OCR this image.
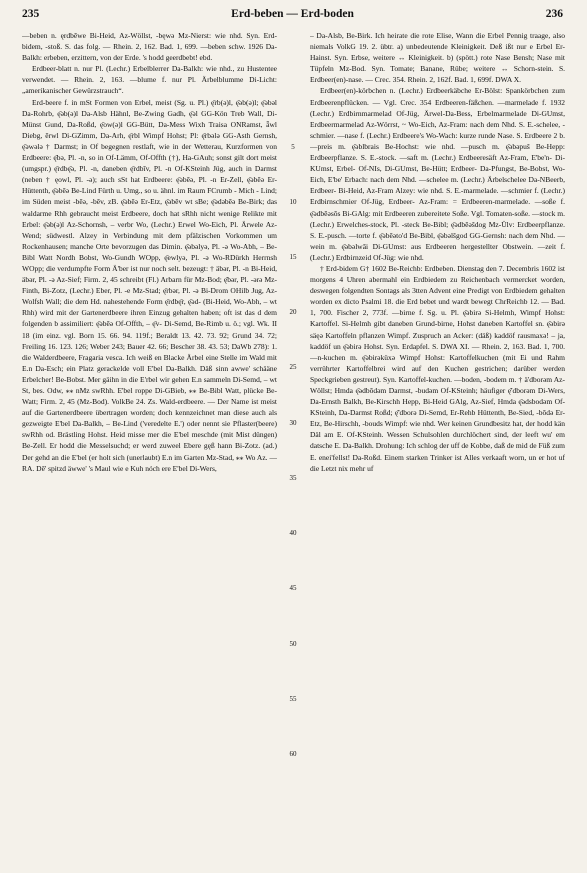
235	Erd-beben — Erd-boden	236

—beben n. ęrdbēwe Bi-Heid, Az-Wöllst, -bęwə Mz-Nierst: wie nhd. Syn. Erd-bidem, -stoß. S. das folg. — Rhein. 2, 162. Bad. 1, 699. —beben schw. 1926 Da-Balkh: erbeben, erzittern, von der Erde. 's hodd geerdbebt! ebd.

Erdbeer-blatt n. nur Pl. (Lechr.) Erbelblerrer Da-Balkh: wie nhd., zu Hustentee verwendet. — Rhein. 2, 163. —blume f. nur Pl. Ärbelblumme Di-Licht: „amerikanischer Gewürzstrauch“.

Erd-beere f. in mSt Formen von Erbel, meist (Sg. u. Pl.) ę̄rb(ə)l, ę̄əb(ə)l; ę̄əbəl Da-Rohrb, ę̄əb(ə)l Da-Alsb Hähnl, Be-Zwing Gadh, ę̄əl GG-Kön Treb Wall, Di-Münst Gund, Da-Roßd, ę̄ow(ə)l GG-Bütt, Da-Mess Wixh Traisa ONRamst, ǟwl Diebg, ērwl Di-GZimm, Da-Arh, ę̄rbl Wimpf Hohst; Pl: ę̄rbələ GG-Asth Gernsh, ę̄əwələ † Darmst; in Of begegnen restlaft, wie in der Wetterau, Kurzformen von Erdbeere: ę̄bə, Pl. -n, so in Of-Lämm, Of-Offth (†), Ha-GAuh; sonst gilt dort meist (umgspr.) ę̄rdbę̄ə, Pl. -n, daneben ę̄rdbīv, Pl. -n Of-KSteinh Jüg, auch in Darmst (neben † ęowl, Pl. -ə); auch sSt hat Erdbeere: ę̄əbēə, Pl. -n Er-Zell, ę̄əbēə Er-Hüttenth, ę̄əbēə Be-Lind Fürth u. Umg., so u. ähnl. im Raum FCrumb - Mich - Lind; im Süden meist -bēə, -bēv, zB. ę̄əbēə Er-Etz, ę̄əbēv wt sBe; ę̄ədəbēə Be-Birk; das waldarme Rhh gebraucht meist Erdbeere, doch hat sRhh nicht wenige Relikte mit Erbel: ę̄əb(ə)l Az-Schornsh, – verbr Wo, (Lechr.) Erwel Wo-Eich, Pl. Ärwele Az-Wend; südwestl. Alzey in Verbindung mit dem pfälzischen Vorkommen um Rockenhausen; manche Orte bevorzugen das Dimin. ę̄əbəlyə, Pl. -ə Wo-Abh, – Be-Bibl Watt Nordh Bobst, Wo-Gundh WOpp, ę̄ewlyə, Pl. -ə Wo-RDürkh Herrnsh WOpp; die verdumpfte Form Ä'ber ist nur noch selt. bezeugt: † äbər, Pl. -n Bi-Heid, äbər, Pl. -ə Az-Sief; Firm. 2, 45 schreibt (Fl.) Arbarn für Mz-Bod; ę̄bər, Pl. -ərə Mz-Finth, Bi-Zotz, (Lechr.) Eber, Pl. -e Mz-Stad; ę̄rbər, Pl. -ə Bi-Drom OHilb Jug, Az-Wolfsh Wall; die dem Hd. nahestehende Form ę̄rdbę̄r, ę̄əd- (Bi-Heid, Wo-Abh, – wt Rhh) wird mit der Gartenerdbeere ihren Einzug gehalten haben; oft ist das d dem folgenden b assimiliert: ę̄əbēə Of-Offth, – ę̄v- Di-Semd, Be-Rimb u. ö.; vgl. Wk. II 18 (im einz. vgl. Born 15. 66. 94. 119f.; Beraldt 13. 42. 73. 92; Grund 34. 72; Freiling 16. 123. 126; Weber 243; Bauer 42. 66; Bescher 38. 43. 53; DaWb 278): 1. die Walderdbeere, Fragaria vesca. Ich weiß en Blacke Ärbel eine Stelle im Wald mit E.n Da-Esch; ein Platz gerackelde voll E'bel Da-Balkh. Däß sinn awwe' schääne Erbelcher! Be-Bobst. Mer gäihn in die E'rbel wir gehen E.n sammeln Di-Semd, – wt St, bes. Odw, ⁎⁎ nMz swRhh. E'bel roppe Di-GBieb, ⁎⁎ Be-Bibl Watt, plücke Be-Watt; Firm. 2, 45 (Mz-Bod). VolkBe 24. Zs. Wald-erdbeere. — Der Name ist meist auf die Gartenerdbeere übertragen worden; doch kennzeichnet man diese auch als gezweigte E'bel Da-Balkh, – Be-Lind ('veredelte E.') oder nennt sie Pflaster(beere) swRhh od. Brästling Hohst. Heid misse mer die E'bel meschde (mit Mist düngen) Be-Zell. Er hodd die Messelsuchd; er werd zuweel Ebere gęß hann Bi-Zotz. (ad.) Der gehd an die E'bel (er holt sich (unerlaubt) E.n im Garten Mz-Stad, ⁎⁎ Wo Az. — RA. Dē' spitzd äwwe' 's Maul wie e Kuh nóch ere E'bel Di-Wers,

5
10
15
20
25
30
35
40
45
50
55
60

– Da-Alsb, Be-Birk. Ich heirate die rote Elise, Wann die Erbel Pennig traage, also niemals VolkG 19. 2. übtr. a) unbedeutende Kleinigkeit. Deß ißt nur e Erbel Er-Hainst. Syn. Erbse, weitere ↔ Kleinigkeit. b) (spött.) rote Nase Bensh; Nase mit Tüpfeln Mz-Bod. Syn. Tomate; Banane, Rübe; weitere ↔ Schorn-stein. S. Erdbeer(en)-nase. — Crec. 354. Rhein. 2, 162f. Bad. 1, 699f. DWA X.

Erdbeer(en)-körbchen n. (Lechr.) Erdbeerkäbche Er-Bölst: Spankörbchen zum Erdbeerenpflücken. — Vgl. Crec. 354 Erdbeeren-fäßchen. —marmelade f. 1932 (Lechr.) Erdbirnmarmelad Of-Jüg, Ärwel-Da-Bess, Erbelmarmelade Di-GUmst, Erdbeermarmelad Az-Wörrst, ~ Wo-Eich, Az-Fram: nach dem Nhd. S. E.-schelee, -schmier. —nase f. (Lechr.) Erdbeere's Wo-Wach: kurze runde Nase. S. Erdbeere 2 b. —preis m. ę̄əblbrais Be-Hochst: wie nhd. —pusch m. ę̄əbəpuš Be-Hepp: Erdbeerpflanze. S. E.-stock. —saft m. (Lechr.) Erdbeeresäft Az-Fram, E'be'n- Di-KUmst, Erbel- Of-NIs, Di-GUmst, Be-Hütt; Erdbeer- Da-Pfungst, Be-Bobst, Wo-Eich, E'be' Erbach: nach dem Nhd. —schelee m. (Lechr.) Ärbelschelee Da-NBeerb, Erdbeer- Bi-Heid, Az-Fram Alzey: wie nhd. S. E.-marmelade. —schmier f. (Lechr.) Erdbirnschmier Of-Jüg, Erdbeer- Az-Fram: = Erdbeeren-marmelade. —soße f. ę̄ədbēəsōs Bi-GAlg: mit Erdbeeren zubereitete Soße. Vgl. Tomaten-soße. —stock m. (Lechr.) Erwelches-stock, Pl. -steck Be-Bibl; ę̄ədbēəšdog Mz-Ülv: Erdbeerpflanze. S. E.-pusch. —torte f. ę̄əbēəto'd Be-Bibl, ę̄əbəlšgod GG-Gernsh: nach dem Nhd. —wein m. ę̄əbəlwāi Di-GUmst: aus Erdbeeren hergestellter Obstwein. —zeit f. (Lechr.) Erdbirnzeid Of-Jüg: wie nhd.

† Erd-bidem G† 1602 Be-Reichb: Erdbeben. Dienstag den 7. Decembris 1602 ist morgens 4 Uhren abermahl ein Erdbiedem zu Reichenbach vermercket worden, deswegen folgendten Sontags als 3tten Advent eine Predigt von Erdbiedem gehalten worden ex dicto Psalmi 18. die Erd bebet und wardt bewegt ChrReichb 12. — Bad. 1, 700. Fischer 2, 773f. —birne f. Sg. u. Pl. ę̄əbirə Si-Helmh, Wimpf Hohst: Kartoffel. Si-Helmh gibt daneben Grund-birne, Hohst daneben Kartoffel sn. ę̄əbirə säęə Kartoffeln pflanzen Wimpf. Zuspruch an Acker: (däß) kaddöf rausmaxə! – ja, kaddöf un ę̄əbirə Hohst. Syn. Erdapfel. S. DWA XI. — Rhein. 2, 163. Bad. 1, 700. —n-kuchen m. ę̄əbirəküxə Wimpf Hohst: Kartoffelkuchen (mit Ei und Rahm verrührter Kartoffelbrei wird auf den Kuchen gestrichen; darüber werden Speckgrieben gestreut). Syn. Kartoffel-kuchen. —boden, -bodem m. † ä'dborəm Az-Wöllst; Hmda ę̄ədbōdəm Darmst, -budəm Of-KSteinh; häufiger ę̄'dborəm Di-Wers, Da-Ernsth Balkh, Be-Kirschh Hepp, Bi-Heid GAlg, Az-Sief, Hmda ę̄ədsbodəm Of-KSteinh, Da-Darmst Roßd; ę̄'dborə Di-Semd, Er-Rehb Hüttenth, Be-Sied, -bōdə Er-Etz, Be-Hirschh, -bouds Wimpf: wie nhd. Wer keinen Grundbesitz hat, der hodd kän Däl am E. Of-KSteinh. Wessen Schulsohlen durchlöchert sind, der leeft wu' em datsche E. Da-Balkh. Drohung: Ich schlog der uff de Kobbe, daß de mid de Füß zum E. enei'fellst! Da-Roßd. Einem starken Trinker ist Alles verkaaft worn, un er hot uf die Letzt nix mehr uf
